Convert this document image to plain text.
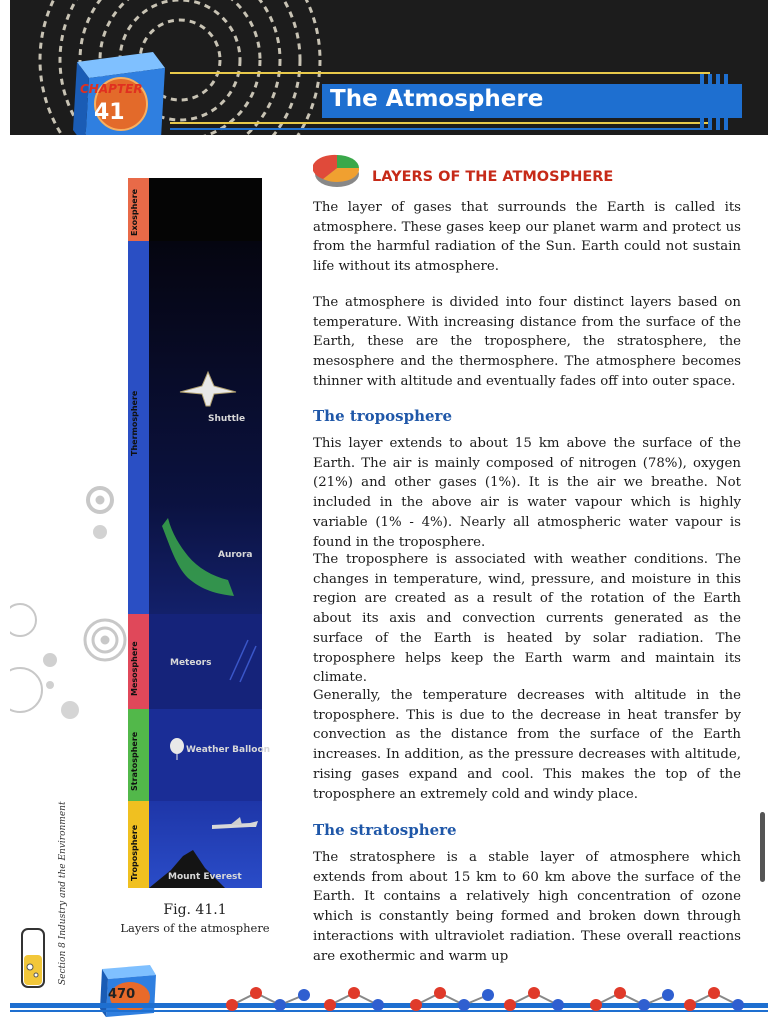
The Atmosphere
CHAPTER
41
Exosphere
Thermosphere
Mesosphere
Stratosphere
Troposphere
Shuttle
Aurora
Meteors
Weather Balloon
Mount Everest
Fig. 41.1
Layers of the atmosphere
Section 8 Industry and the Environment
LAYERS OF THE ATMOSPHERE

The layer of gases that surrounds the Earth is called its atmosphere. These gases keep our planet warm and protect us from the harmful radiation of the Sun. Earth could not sustain life without its atmosphere.

The atmosphere is divided into four distinct layers based on temperature. With increasing distance from the surface of the Earth, these are the troposphere, the stratosphere, the mesosphere and the thermosphere. The atmosphere becomes thinner with altitude and eventually fades off into outer space.

The troposphere

This layer extends to about 15 km above the surface of the Earth. The air is mainly composed of nitrogen (78%), oxygen (21%) and other gases (1%). It is the air we breathe. Not included in the above air is water vapour which is highly variable (1% - 4%). Nearly all atmospheric water vapour is found in the troposphere.

The troposphere is associated with weather conditions. The changes in temperature, wind, pressure, and moisture in this region are created as a result of the rotation of the Earth about its axis and convection currents generated as the surface of the Earth is heated by solar radiation. The troposphere helps keep the Earth warm and maintain its climate.

Generally, the temperature decreases with altitude in the troposphere. This is due to the decrease in heat transfer by convection as the distance from the surface of the Earth increases. In addition, as the pressure decreases with altitude, rising gases expand and cool. This makes the top of the troposphere an extremely cold and windy place.

The stratosphere

The stratosphere is a stable layer of atmosphere which extends from about 15 km to 60 km above the surface of the Earth. It contains a relatively high concentration of ozone which is constantly being formed and broken down through interactions with ultraviolet radiation. These overall reactions are exothermic and warm up

470
